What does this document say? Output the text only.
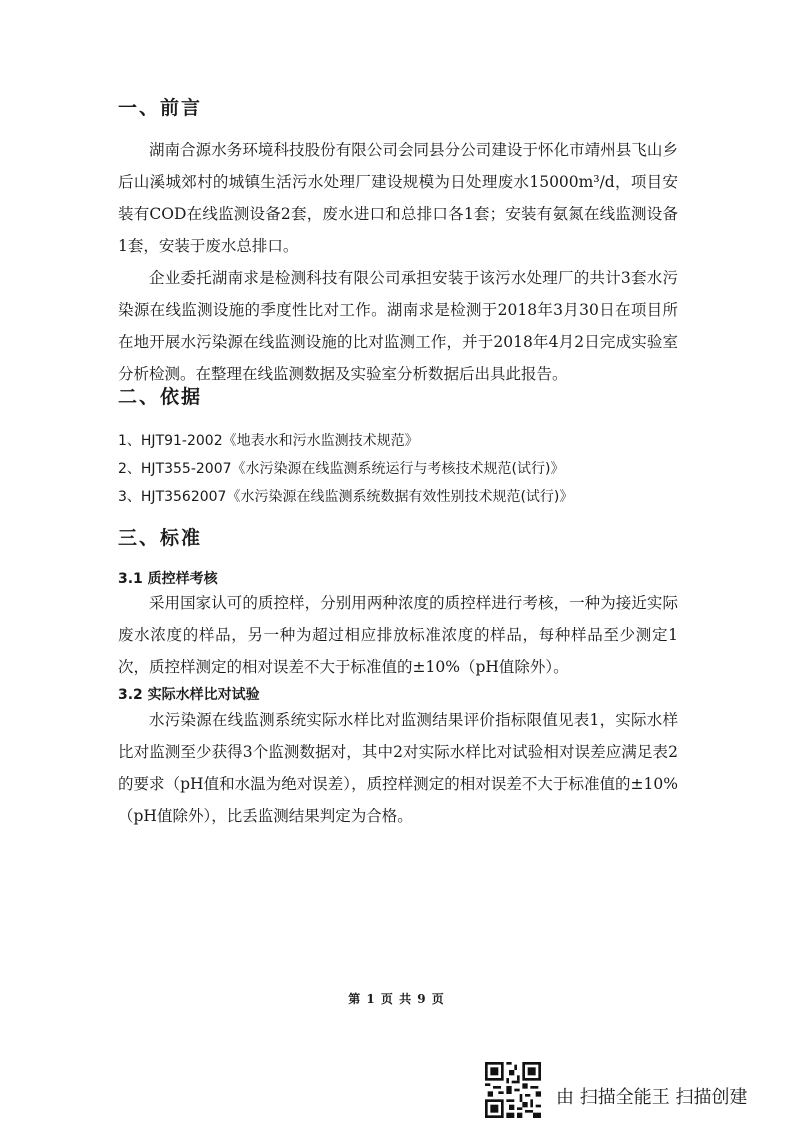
一、前言

湖南合源水务环境科技股份有限公司会同县分公司建设于怀化市靖州县飞山乡后山溪城郊村的城镇生活污水处理厂建设规模为日处理废水15000m³/d，项目安装有COD在线监测设备2套，废水进口和总排口各1套；安装有氨氮在线监测设备1套，安装于废水总排口。

企业委托湖南求是检测科技有限公司承担安装于该污水处理厂的共计3套水污染源在线监测设施的季度性比对工作。湖南求是检测于2018年3月30日在项目所在地开展水污染源在线监测设施的比对监测工作，并于2018年4月2日完成实验室分析检测。在整理在线监测数据及实验室分析数据后出具此报告。

二、依据

1、HJT91-2002《地表水和污水监测技术规范》

2、HJT355-2007《水污染源在线监测系统运行与考核技术规范(试行)》

3、HJT3562007《水污染源在线监测系统数据有效性别技术规范(试行)》

三、标准
3.1 质控样考核

采用国家认可的质控样，分别用两种浓度的质控样进行考核，一种为接近实际废水浓度的样品，另一种为超过相应排放标准浓度的样品，每种样品至少测定1次，质控样测定的相对误差不大于标准值的±10%（pH值除外）。

3.2 实际水样比对试验

水污染源在线监测系统实际水样比对监测结果评价指标限值见表1，实际水样比对监测至少获得3个监测数据对，其中2对实际水样比对试验相对误差应满足表2的要求（pH值和水温为绝对误差），质控样测定的相对误差不大于标准值的±10%（pH值除外），比丢监测结果判定为合格。

第 1 页 共 9 页
由 扫描全能王 扫描创建
